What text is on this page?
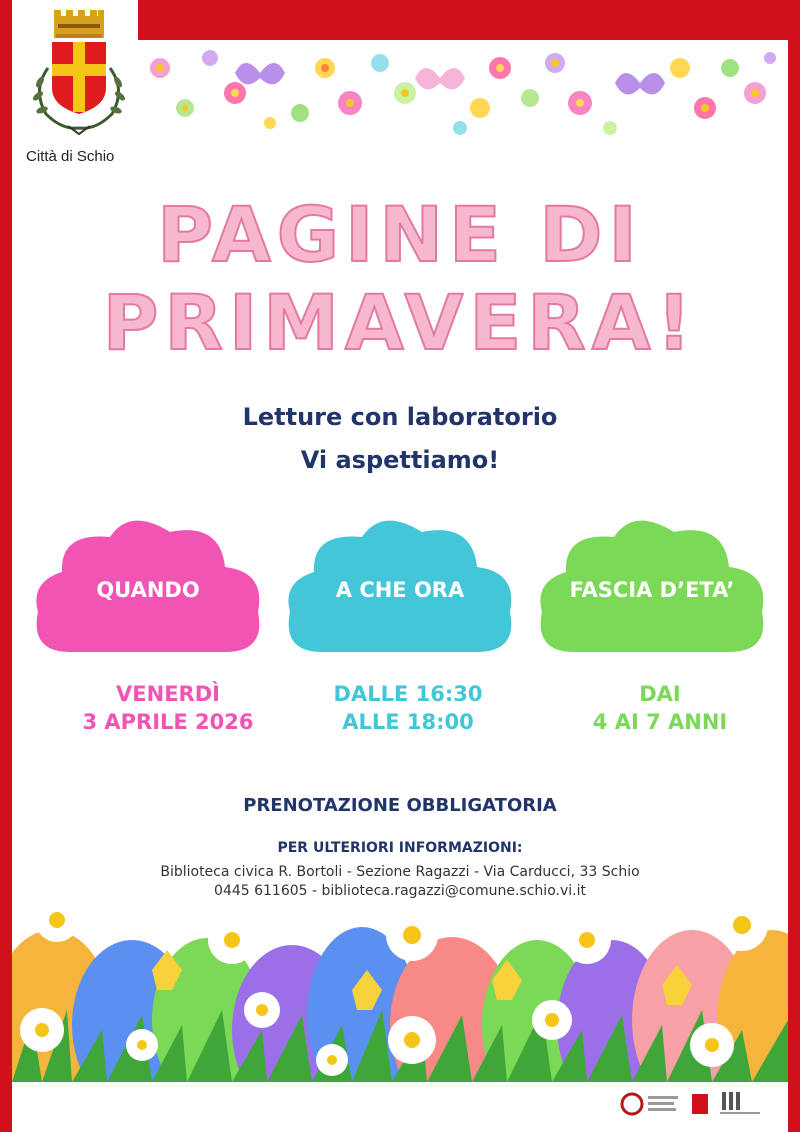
Città di Schio
PAGINE DI
PRIMAVERA!
Letture con laboratorio
Vi aspettiamo!
QUANDO	A CHE ORA	FASCIA D’ETA’
VENERDÌ
3 APRILE 2026
DALLE 16:30
ALLE 18:00
DAI
4 AI 7 ANNI
PRENOTAZIONE OBBLIGATORIA
PER ULTERIORI INFORMAZIONI:
Biblioteca civica R. Bortoli - Sezione Ragazzi - Via Carducci, 33 Schio
0445 611605 - biblioteca.ragazzi@comune.schio.vi.it
